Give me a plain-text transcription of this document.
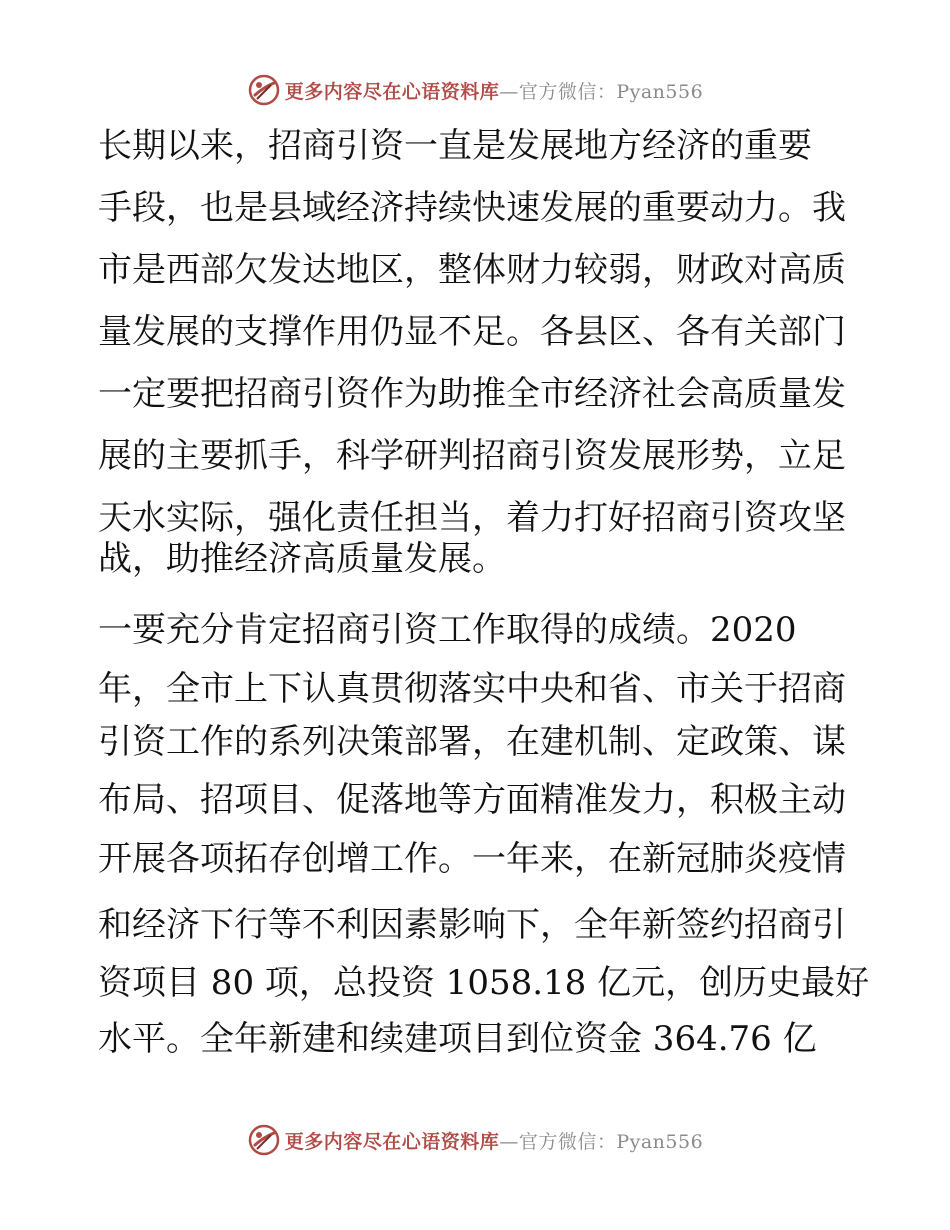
更多内容尽在心语资料库—官方微信：Pyan556
长期以来，招商引资一直是发展地方经济的重要
手段，也是县域经济持续快速发展的重要动力。我
市是西部欠发达地区，整体财力较弱，财政对高质
量发展的支撑作用仍显不足。各县区、各有关部门
一定要把招商引资作为助推全市经济社会高质量发
展的主要抓手，科学研判招商引资发展形势，立足
天水实际，强化责任担当，着力打好招商引资攻坚
战，助推经济高质量发展。
一要充分肯定招商引资工作取得的成绩。2020
年，全市上下认真贯彻落实中央和省、市关于招商
引资工作的系列决策部署，在建机制、定政策、谋
布局、招项目、促落地等方面精准发力，积极主动
开展各项拓存创增工作。一年来，在新冠肺炎疫情
和经济下行等不利因素影响下，全年新签约招商引
资项目 80 项，总投资 1058.18 亿元，创历史最好
水平。全年新建和续建项目到位资金 364.76 亿
更多内容尽在心语资料库—官方微信：Pyan556
